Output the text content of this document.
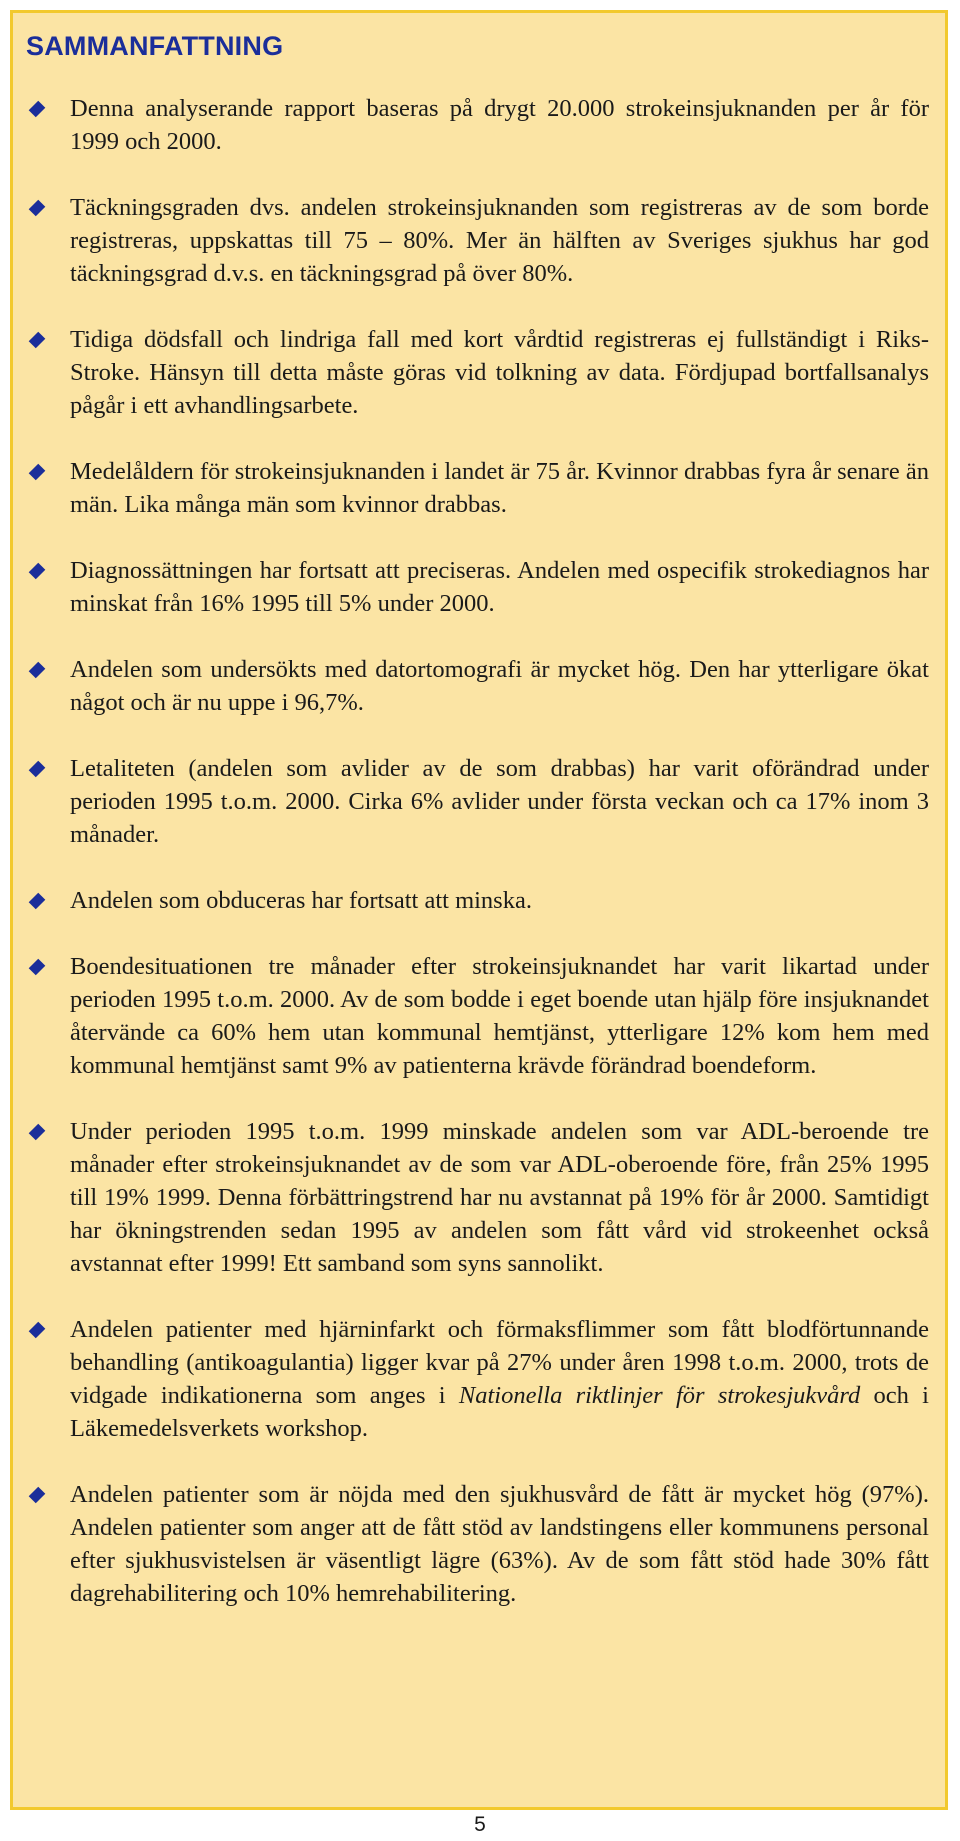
SAMMANFATTNING
Denna analyserande rapport baseras på drygt 20.000 strokeinsjuknanden per år för 1999 och 2000.
Täckningsgraden dvs. andelen strokeinsjuknanden som registreras av de som borde registreras, uppskattas till 75 – 80%. Mer än hälften av Sveriges sjukhus har god täckningsgrad d.v.s. en täckningsgrad på över 80%.
Tidiga dödsfall och lindriga fall med kort vårdtid registreras ej fullständigt i Riks-Stroke. Hänsyn till detta måste göras vid tolkning av data. Fördjupad bortfallsanalys pågår i ett avhandlingsarbete.
Medelåldern för strokeinsjuknanden i landet är 75 år. Kvinnor drabbas fyra år senare än män. Lika många män som kvinnor drabbas.
Diagnossättningen har fortsatt att preciseras. Andelen med ospecifik strokediagnos har minskat från 16% 1995 till 5% under 2000.
Andelen som undersökts med datortomografi är mycket hög. Den har ytterligare ökat något och är nu uppe i 96,7%.
Letaliteten (andelen som avlider av de som drabbas) har varit oförändrad under perioden 1995 t.o.m. 2000. Cirka 6% avlider under första veckan och ca 17% inom 3 månader.
Andelen som obduceras har fortsatt att minska.
Boendesituationen tre månader efter strokeinsjuknandet har varit likartad under perioden 1995 t.o.m. 2000. Av de som bodde i eget boende utan hjälp före insjuknandet återvände ca 60% hem utan kommunal hemtjänst, ytterligare 12% kom hem med kommunal hemtjänst samt 9% av patienterna krävde förändrad boendeform.
Under perioden 1995 t.o.m. 1999 minskade andelen som var ADL-beroende tre månader efter strokeinsjuknandet av de som var ADL-oberoende före, från 25% 1995 till 19% 1999. Denna förbättringstrend har nu avstannat på 19% för år 2000. Samtidigt har ökningstrenden sedan 1995 av andelen som fått vård vid strokeenhet också avstannat efter 1999! Ett samband som syns sannolikt.
Andelen patienter med hjärninfarkt och förmaksflimmer som fått blodförtunnande behandling (antikoagulantia) ligger kvar på 27% under åren 1998 t.o.m. 2000, trots de vidgade indikationerna som anges i Nationella riktlinjer för strokesjukvård och i Läkemedelsverkets workshop.
Andelen patienter som är nöjda med den sjukhusvård de fått är mycket hög (97%). Andelen patienter som anger att de fått stöd av landstingens eller kommunens personal efter sjukhusvistelsen är väsentligt lägre (63%). Av de som fått stöd hade 30% fått dagrehabilitering och 10% hemrehabilitering.
5
